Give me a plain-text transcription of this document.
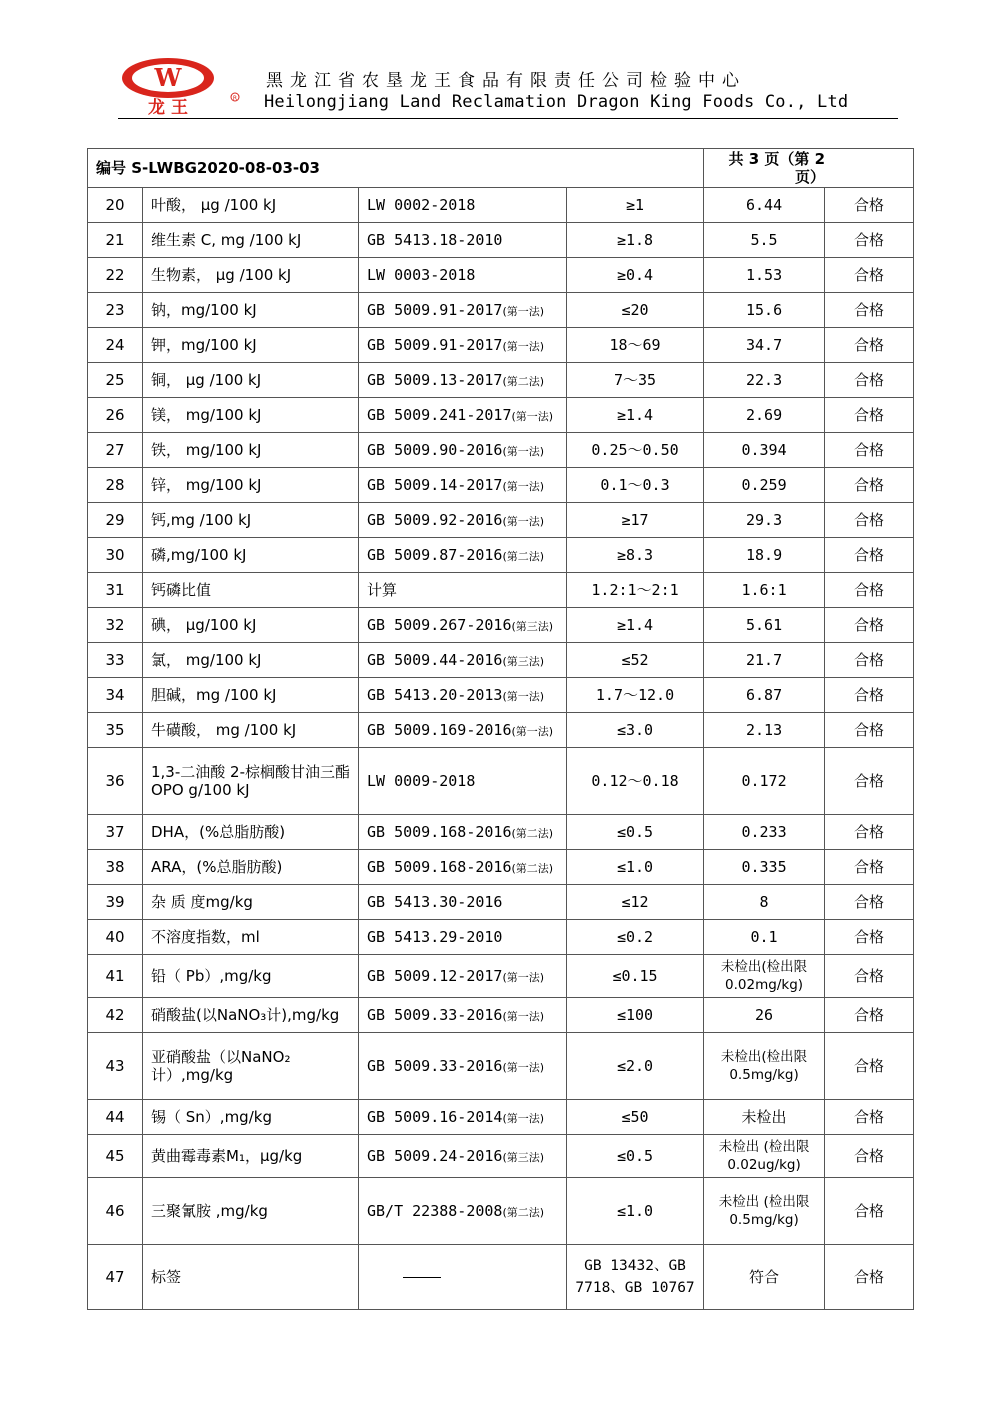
W
龙 王	R
黑龙江省农垦龙王食品有限责任公司检验中心
Heilongjiang Land Reclamation Dragon King Foods Co., Ltd
编号 S-LWBG2020-08-03-03				共 3 页（第 2 页）	
20	叶酸， μg /100 kJ	LW 0002-2018	≥1	6.44	合格
21	维生素 C, mg /100 kJ	GB 5413.18-2010	≥1.8	5.5	合格
22	生物素， μg /100 kJ	LW 0003-2018	≥0.4	1.53	合格
23	钠，mg/100 kJ	GB 5009.91-2017(第一法)	≤20	15.6	合格
24	钾，mg/100 kJ	GB 5009.91-2017(第一法)	18～69	34.7	合格
25	铜， μg /100 kJ	GB 5009.13-2017(第二法)	7～35	22.3	合格
26	镁， mg/100 kJ	GB 5009.241-2017(第一法)	≥1.4	2.69	合格
27	铁， mg/100 kJ	GB 5009.90-2016(第一法)	0.25～0.50	0.394	合格
28	锌， mg/100 kJ	GB 5009.14-2017(第一法)	0.1～0.3	0.259	合格
29	钙,mg /100 kJ	GB 5009.92-2016(第一法)	≥17	29.3	合格
30	磷,mg/100 kJ	GB 5009.87-2016(第二法)	≥8.3	18.9	合格
31	钙磷比值	计算	1.2:1～2:1	1.6:1	合格
32	碘， μg/100 kJ	GB 5009.267-2016(第三法)	≥1.4	5.61	合格
33	氯， mg/100 kJ	GB 5009.44-2016(第三法)	≤52	21.7	合格
34	胆碱，mg /100 kJ	GB 5413.20-2013(第一法)	1.7～12.0	6.87	合格
35	牛磺酸， mg /100 kJ	GB 5009.169-2016(第一法)	≤3.0	2.13	合格
36	1,3-二油酸 2-棕榈酸甘油三酯 OPO g/100 kJ	LW 0009-2018	0.12～0.18	0.172	合格
37	DHA，(%总脂肪酸)	GB 5009.168-2016(第二法)	≤0.5	0.233	合格
38	ARA，(%总脂肪酸)	GB 5009.168-2016(第二法)	≤1.0	0.335	合格
39	杂 质 度mg/kg	GB 5413.30-2016	≤12	8	合格
40	不溶度指数，ml	GB 5413.29-2010	≤0.2	0.1	合格
41	铅（ Pb）,mg/kg	GB 5009.12-2017(第一法)	≤0.15	未检出(检出限 0.02mg/kg)	合格
42	硝酸盐(以NaNO₃计),mg/kg	GB 5009.33-2016(第一法)	≤100	26	合格
43	亚硝酸盐（以NaNO₂计）,mg/kg	GB 5009.33-2016(第一法)	≤2.0	未检出(检出限 0.5mg/kg)	合格
44	锡（ Sn）,mg/kg	GB 5009.16-2014(第一法)	≤50	未检出	合格
45	黄曲霉毒素M₁，μg/kg	GB 5009.24-2016(第三法)	≤0.5	未检出 (检出限 0.02ug/kg)	合格
46	三聚氰胺 ,mg/kg	GB/T 22388-2008(第二法)	≤1.0	未检出 (检出限 0.5mg/kg)	合格
47	标签		GB 13432、GB 7718、GB 10767	符合	合格
